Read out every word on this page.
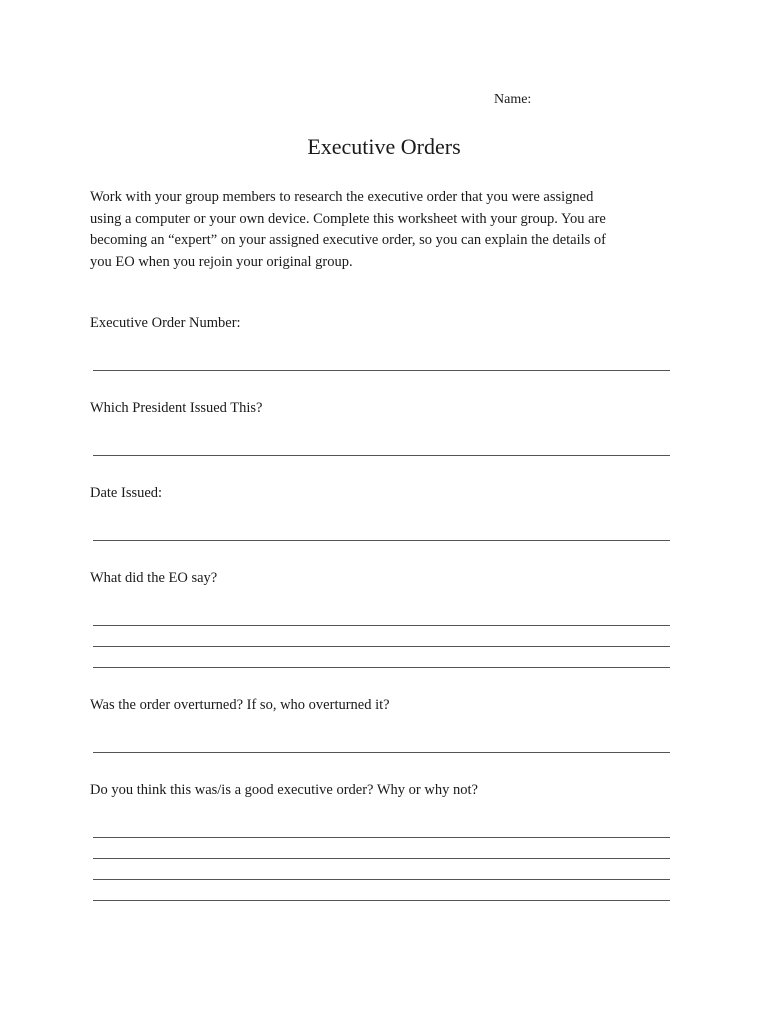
Name:
Executive Orders
Work with your group members to research the executive order that you were assigned
using a computer or your own device. Complete this worksheet with your group. You are
becoming an “expert” on your assigned executive order, so you can explain the details of
you EO when you rejoin your original group.
Executive Order Number:
Which President Issued This?
Date Issued:
What did the EO say?
Was the order overturned? If so, who overturned it?
Do you think this was/is a good executive order? Why or why not?
